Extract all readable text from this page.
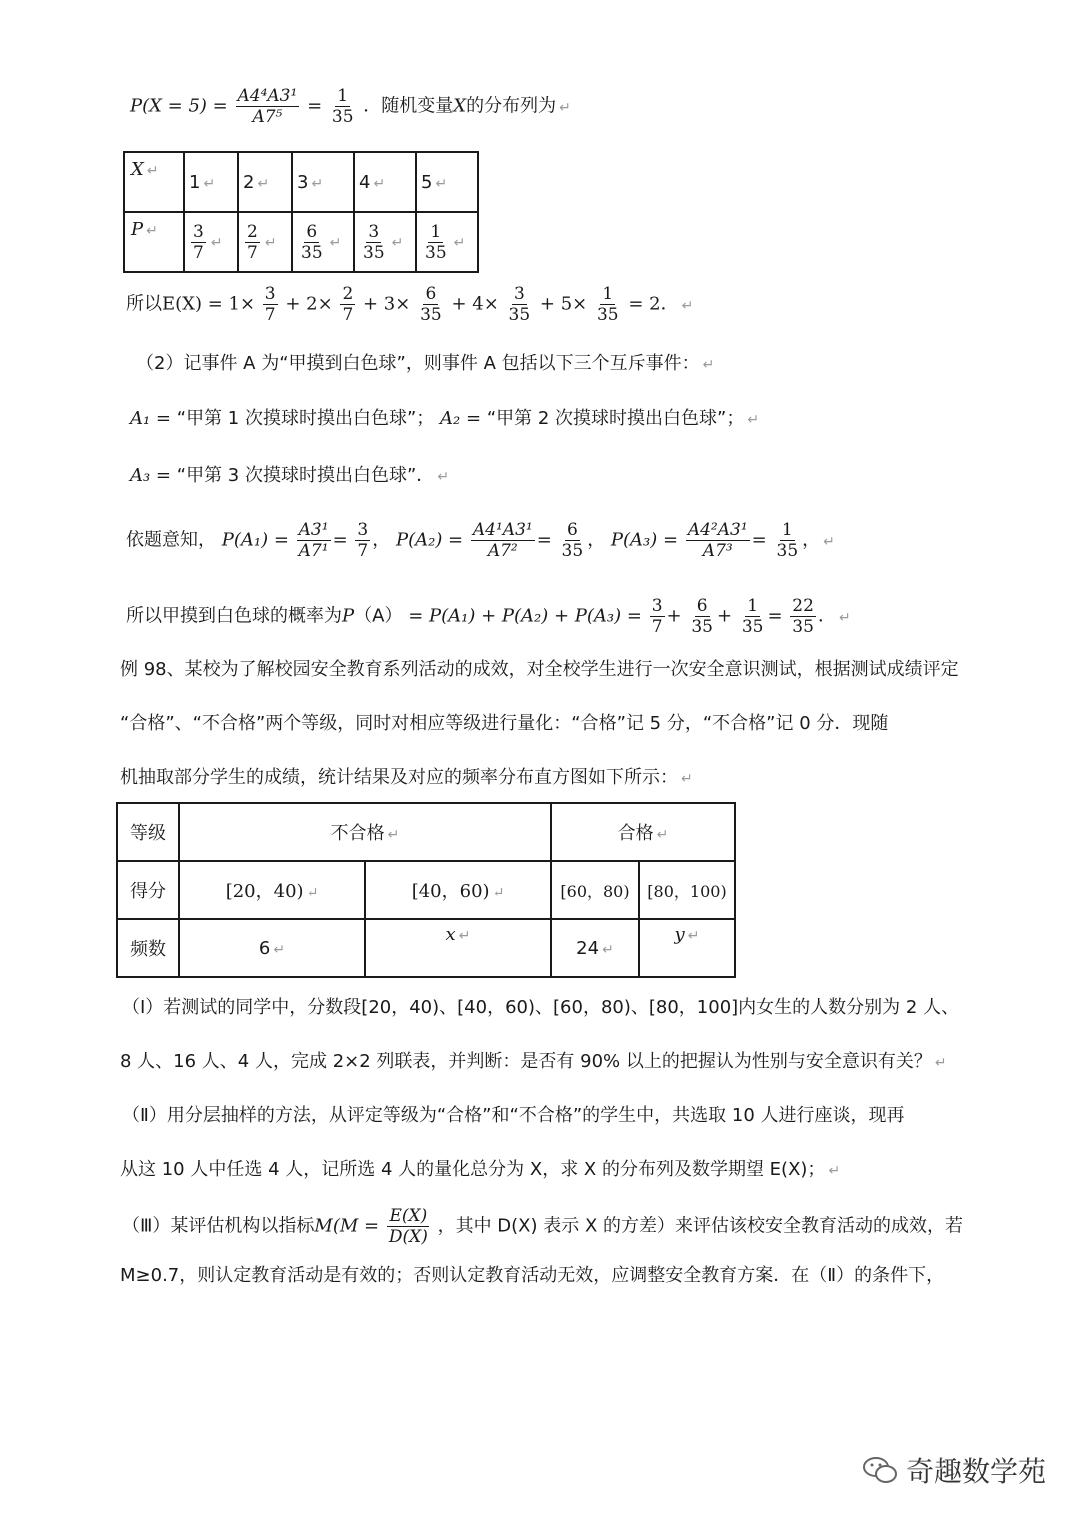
$P(X = 5) = \frac{\text{A4⁴A3¹}}{\text{A7⁵}} = \frac{1}{35}$ ．随机变量X的分布列为 ↵
X ↵	1 ↵	2 ↵	3 ↵	4 ↵	5 ↵
P ↵	$\frac{3}{7}$ ↵	$\frac{2}{7}$ ↵	$\frac{6}{35}$ ↵	$\frac{3}{35}$ ↵	$\frac{1}{35}$ ↵
所以$E(X) = 1\times \frac{3}{7} + 2\times \frac{2}{7} + 3\times \frac{6}{35} + 4\times \frac{3}{35} + 5\times \frac{1}{35} = 2$． ↵
（2）记事件 A 为“甲摸到白色球”，则事件 A 包括以下三个互斥事件： ↵
A₁ = “甲第 1 次摸球时摸出白色球”； A₂ = “甲第 2 次摸球时摸出白色球”； ↵
A₃ = “甲第 3 次摸球时摸出白色球”． ↵
依题意知， $P(A_1) = \frac{\text{A3¹}}{\text{A7¹}} = \frac{3}{7}$ ， $P(A_2) = \frac{\text{A4¹A3¹}}{\text{A7²}} = \frac{6}{35}$ ， $P(A_3) = \frac{\text{A4²A3¹}}{\text{A7³}} = \frac{1}{35}$ ， ↵
所以甲摸到白色球的概率为$P(A) = P(A_1) + P(A_2) + P(A_3) = \frac{3}{7} + \frac{6}{35} + \frac{1}{35} = \frac{22}{35}$ ． ↵
例 98、某校为了解校园安全教育系列活动的成效，对全校学生进行一次安全意识测试，根据测试成绩评定
“合格”、“不合格”两个等级，同时对相应等级进行量化：“合格”记 5 分，“不合格”记 0 分．现随
机抽取部分学生的成绩，统计结果及对应的频率分布直方图如下所示： ↵
等级	不合格 ↵		合格 ↵	
得分	[20，40) ↵	[40，60) ↵	[60，80)	[80，100)
频数	6 ↵	x ↵	24 ↵	y ↵
（Ⅰ）若测试的同学中，分数段[20，40)、[40，60)、[60，80)、[80，100]内女生的人数分别为 2 人、
8 人、16 人、4 人，完成 2×2 列联表，并判断：是否有 90% 以上的把握认为性别与安全意识有关？ ↵
（Ⅱ）用分层抽样的方法，从评定等级为“合格”和“不合格”的学生中，共选取 10 人进行座谈，现再
从这 10 人中任选 4 人，记所选 4 人的量化总分为 X，求 X 的分布列及数学期望 E(X)； ↵
（Ⅲ）某评估机构以指标$M(M = \frac{E(X)}{D(X)}$ ，其中 D(X) 表示 X 的方差）来评估该校安全教育活动的成效，若
M≥0.7，则认定教育活动是有效的；否则认定教育活动无效，应调整安全教育方案．在（Ⅱ）的条件下，
奇趣数学苑
